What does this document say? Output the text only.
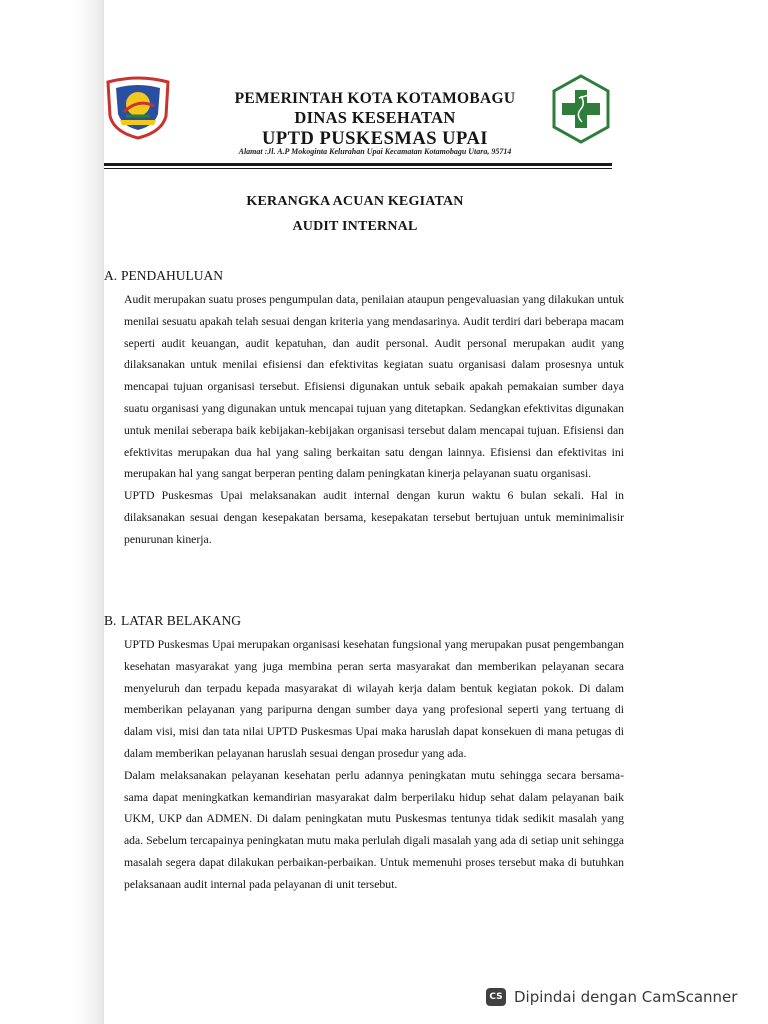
PEMERINTAH KOTA KOTAMOBAGU
DINAS KESEHATAN
UPTD PUSKESMAS UPAI
Alamat :Jl. A.P Mokoginta Kelurahan Upai Kecamatan Kotamobagu Utara, 95714
KERANGKA ACUAN KEGIATAN
AUDIT INTERNAL
A. PENDAHULUAN

Audit merupakan suatu proses pengumpulan data, penilaian ataupun pengevaluasian yang dilakukan untuk menilai sesuatu apakah telah sesuai dengan kriteria yang mendasarinya. Audit terdiri dari beberapa macam seperti audit keuangan, audit kepatuhan, dan audit personal. Audit personal merupakan audit yang dilaksanakan untuk menilai efisiensi dan efektivitas kegiatan suatu organisasi dalam prosesnya untuk mencapai tujuan organisasi tersebut. Efisiensi digunakan untuk sebaik apakah pemakaian sumber daya suatu organisasi yang digunakan untuk mencapai tujuan yang ditetapkan. Sedangkan efektivitas digunakan untuk menilai seberapa baik kebijakan-kebijakan organisasi tersebut dalam mencapai tujuan. Efisiensi dan efektivitas merupakan dua hal yang saling berkaitan satu dengan lainnya. Efisiensi dan efektivitas ini merupakan hal yang sangat berperan penting dalam peningkatan kinerja pelayanan suatu organisasi.

UPTD Puskesmas Upai melaksanakan audit internal dengan kurun waktu 6 bulan sekali. Hal in dilaksanakan sesuai dengan kesepakatan bersama, kesepakatan tersebut bertujuan untuk meminimalisir penurunan kinerja.

B. LATAR BELAKANG

UPTD Puskesmas Upai merupakan organisasi kesehatan fungsional yang merupakan pusat pengembangan kesehatan masyarakat yang juga membina peran serta masyarakat dan memberikan pelayanan secara menyeluruh dan terpadu kepada masyarakat di wilayah kerja dalam bentuk kegiatan pokok. Di dalam memberikan pelayanan yang paripurna dengan sumber daya yang profesional seperti yang tertuang di dalam visi, misi dan tata nilai UPTD Puskesmas Upai maka haruslah dapat konsekuen di mana petugas di dalam memberikan pelayanan haruslah sesuai dengan prosedur yang ada.

Dalam melaksanakan pelayanan kesehatan perlu adannya peningkatan mutu sehingga secara bersama-sama dapat meningkatkan kemandirian masyarakat dalm berperilaku hidup sehat dalam pelayanan baik UKM, UKP dan ADMEN. Di dalam peningkatan mutu Puskesmas tentunya tidak sedikit masalah yang ada. Sebelum tercapainya peningkatan mutu maka perlulah digali masalah yang ada di setiap unit sehingga masalah segera dapat dilakukan perbaikan-perbaikan. Untuk memenuhi proses tersebut maka di butuhkan pelaksanaan audit internal pada pelayanan di unit tersebut.

CS Dipindai dengan CamScanner
